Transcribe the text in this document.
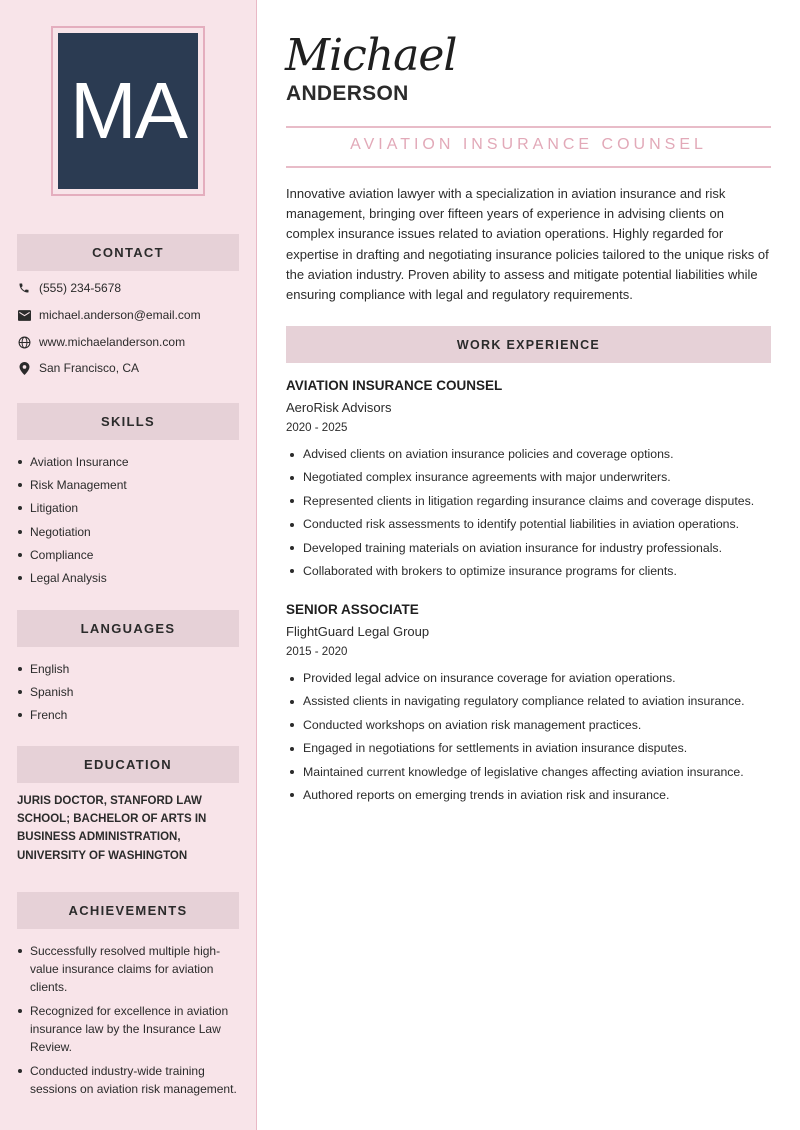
MA
CONTACT
(555) 234-5678
michael.anderson@email.com
www.michaelanderson.com
San Francisco, CA
SKILLS
Aviation Insurance
Risk Management
Litigation
Negotiation
Compliance
Legal Analysis
LANGUAGES
English
Spanish
French
EDUCATION
JURIS DOCTOR, STANFORD LAW SCHOOL; BACHELOR OF ARTS IN BUSINESS ADMINISTRATION, UNIVERSITY OF WASHINGTON
ACHIEVEMENTS
Successfully resolved multiple high-value insurance claims for aviation clients.
Recognized for excellence in aviation insurance law by the Insurance Law Review.
Conducted industry-wide training sessions on aviation risk management.
Michael
ANDERSON
AVIATION INSURANCE COUNSEL
Innovative aviation lawyer with a specialization in aviation insurance and risk management, bringing over fifteen years of experience in advising clients on complex insurance issues related to aviation operations. Highly regarded for expertise in drafting and negotiating insurance policies tailored to the unique risks of the aviation industry. Proven ability to assess and mitigate potential liabilities while ensuring compliance with legal and regulatory requirements.
WORK EXPERIENCE
AVIATION INSURANCE COUNSEL
AeroRisk Advisors
2020 - 2025
Advised clients on aviation insurance policies and coverage options.
Negotiated complex insurance agreements with major underwriters.
Represented clients in litigation regarding insurance claims and coverage disputes.
Conducted risk assessments to identify potential liabilities in aviation operations.
Developed training materials on aviation insurance for industry professionals.
Collaborated with brokers to optimize insurance programs for clients.
SENIOR ASSOCIATE
FlightGuard Legal Group
2015 - 2020
Provided legal advice on insurance coverage for aviation operations.
Assisted clients in navigating regulatory compliance related to aviation insurance.
Conducted workshops on aviation risk management practices.
Engaged in negotiations for settlements in aviation insurance disputes.
Maintained current knowledge of legislative changes affecting aviation insurance.
Authored reports on emerging trends in aviation risk and insurance.
